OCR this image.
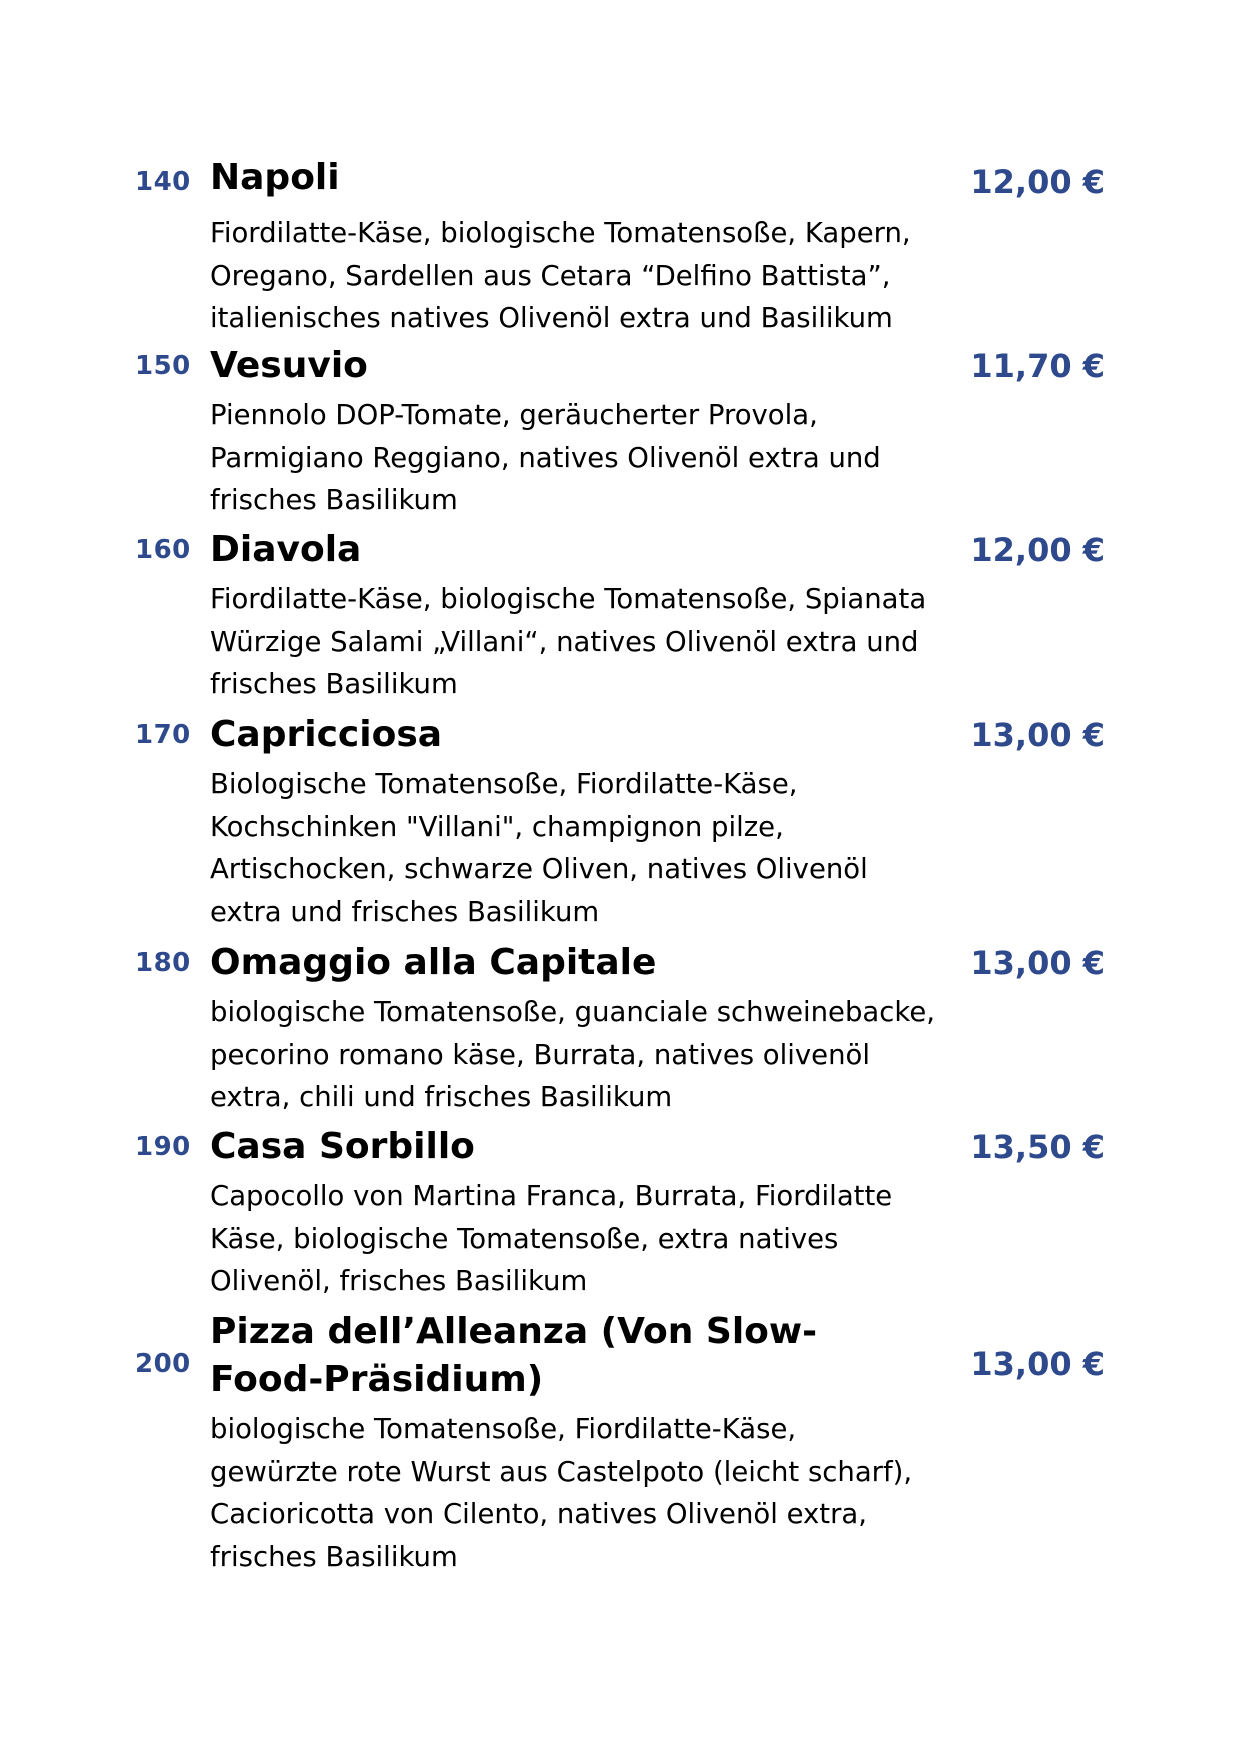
140 Napoli	12,00 €
Fiordilatte-Käse, biologische Tomatensoße, Kapern,
Oregano, Sardellen aus Cetara “Delfino Battista”,
italienisches natives Olivenöl extra und Basilikum
150 Vesuvio	11,70 €
Piennolo DOP-Tomate, geräucherter Provola,
Parmigiano Reggiano, natives Olivenöl extra und
frisches Basilikum
160 Diavola	12,00 €
Fiordilatte-Käse, biologische Tomatensoße, Spianata
Würzige Salami „Villani“, natives Olivenöl extra und
frisches Basilikum
170 Capricciosa	13,00 €
Biologische Tomatensoße, Fiordilatte-Käse,
Kochschinken "Villani", champignon pilze,
Artischocken, schwarze Oliven, natives Olivenöl
extra und frisches Basilikum
180 Omaggio alla Capitale	13,00 €
biologische Tomatensoße, guanciale schweinebacke,
pecorino romano käse, Burrata, natives olivenöl
extra, chili und frisches Basilikum
190 Casa Sorbillo	13,50 €
Capocollo von Martina Franca, Burrata, Fiordilatte
Käse, biologische Tomatensoße, extra natives
Olivenöl, frisches Basilikum
200
Pizza dell’Alleanza (Von Slow-Food-Präsidium)	13,00 €
biologische Tomatensoße, Fiordilatte-Käse,
gewürzte rote Wurst aus Castelpoto (leicht scharf),
Cacioricotta von Cilento, natives Olivenöl extra,
frisches Basilikum
